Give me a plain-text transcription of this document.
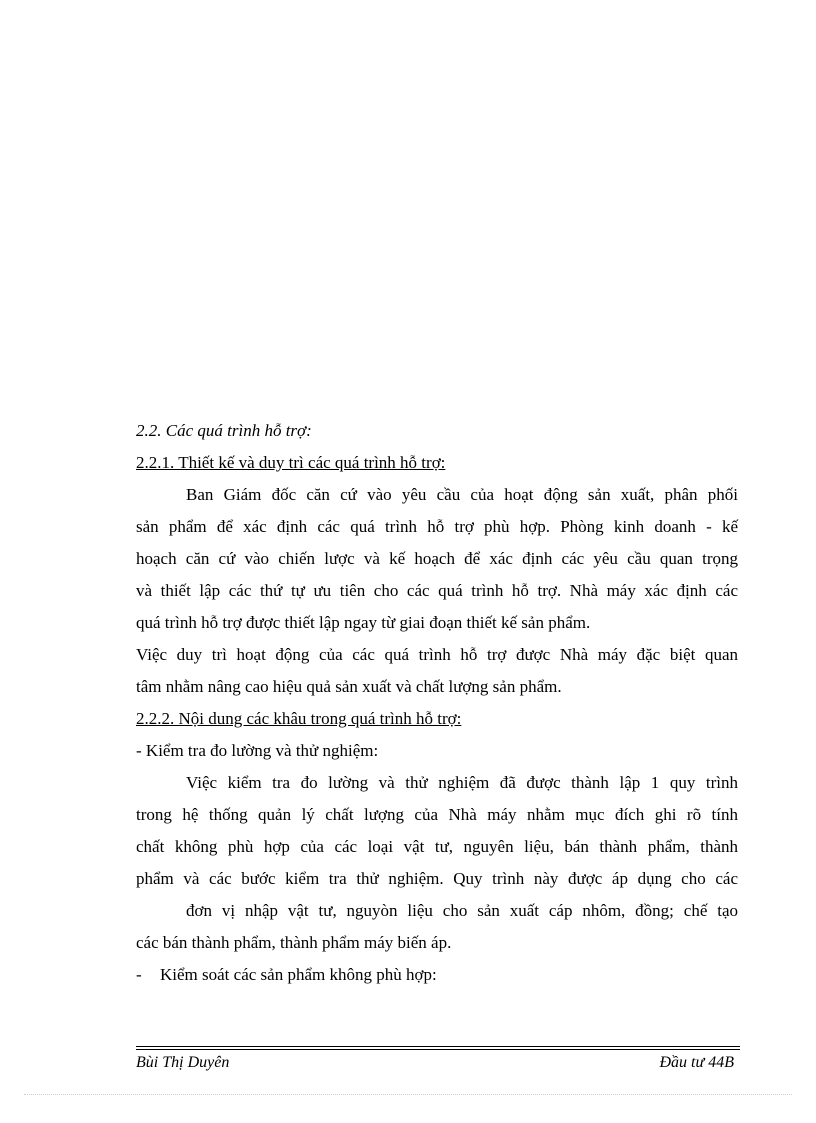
2.2. Các quá trình hỗ trợ:
2.2.1. Thiết kế và duy trì các quá trình hỗ trợ:
Ban Giám đốc căn cứ vào yêu cầu của hoạt động sản xuất, phân phối
sản phẩm để xác định các quá trình hỗ trợ phù hợp. Phòng kinh doanh - kế
hoạch căn cứ vào chiến lược và kế hoạch để xác định các yêu cầu quan trọng
và thiết lập các thứ tự ưu tiên cho các quá trình hỗ trợ. Nhà máy xác định các
quá trình hỗ trợ được thiết lập ngay từ giai đoạn thiết kế sản phẩm.
Việc duy trì hoạt động của các quá trình hỗ trợ được Nhà máy đặc biệt quan
tâm nhằm nâng cao hiệu quả sản xuất và chất lượng sản phẩm.
2.2.2. Nội dung các khâu trong quá trình hỗ trợ:
- Kiểm tra đo lường và thử nghiệm:
Việc kiểm tra đo lường và thử nghiệm đã được thành lập 1 quy trình
trong hệ thống quản lý chất lượng của Nhà máy nhằm mục đích ghi rõ tính
chất không phù hợp của các loại vật tư, nguyên liệu, bán thành phẩm, thành
phẩm và các bước kiểm tra thử nghiệm. Quy trình này được áp dụng cho các
đơn vị nhập vật tư, nguyòn liệu cho sản xuất cáp nhôm, đồng; chế tạo
các bán thành phẩm, thành phẩm máy biến áp.
-	Kiểm soát các sản phẩm không phù hợp:
Bùi Thị Duyên	Đầu tư 44B
